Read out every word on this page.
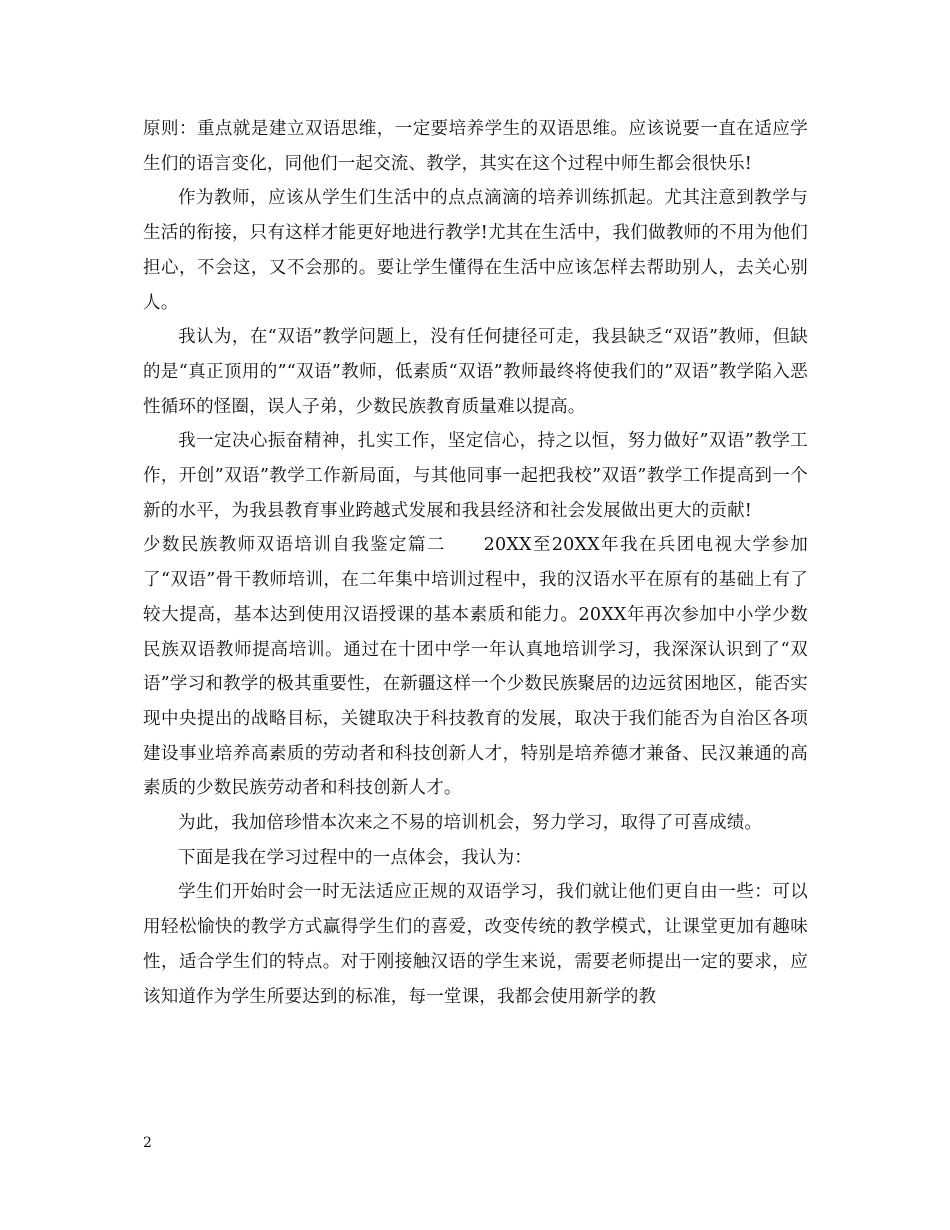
原则：重点就是建立双语思维，一定要培养学生的双语思维。应该说要一直在适应学生们的语言变化，同他们一起交流、教学，其实在这个过程中师生都会很快乐!

作为教师，应该从学生们生活中的点点滴滴的培养训练抓起。尤其注意到教学与生活的衔接，只有这样才能更好地进行教学!尤其在生活中，我们做教师的不用为他们担心，不会这，又不会那的。要让学生懂得在生活中应该怎样去帮助别人，去关心别人。

我认为，在“双语”教学问题上，没有任何捷径可走，我县缺乏“双语”教师，但缺的是“真正顶用的”“双语”教师，低素质“双语”教师最终将使我们的”双语”教学陷入恶性循环的怪圈，误人子弟，少数民族教育质量难以提高。

我一定决心振奋精神，扎实工作，坚定信心，持之以恒，努力做好”双语”教学工作，开创”双语”教学工作新局面，与其他同事一起把我校”双语”教学工作提高到一个新的水平，为我县教育事业跨越式发展和我县经济和社会发展做出更大的贡献!

少数民族教师双语培训自我鉴定篇二　　20XX至20XX年我在兵团电视大学参加了“双语”骨干教师培训，在二年集中培训过程中，我的汉语水平在原有的基础上有了较大提高，基本达到使用汉语授课的基本素质和能力。20XX年再次参加中小学少数民族双语教师提高培训。通过在十团中学一年认真地培训学习，我深深认识到了“双语”学习和教学的极其重要性，在新疆这样一个少数民族聚居的边远贫困地区，能否实现中央提出的战略目标，关键取决于科技教育的发展，取决于我们能否为自治区各项建设事业培养高素质的劳动者和科技创新人才，特别是培养德才兼备、民汉兼通的高素质的少数民族劳动者和科技创新人才。

为此，我加倍珍惜本次来之不易的培训机会，努力学习，取得了可喜成绩。

下面是我在学习过程中的一点体会，我认为：

学生们开始时会一时无法适应正规的双语学习，我们就让他们更自由一些：可以用轻松愉快的教学方式赢得学生们的喜爱，改变传统的教学模式，让课堂更加有趣味性，适合学生们的特点。对于刚接触汉语的学生来说，需要老师提出一定的要求，应该知道作为学生所要达到的标准，每一堂课，我都会使用新学的教

2
